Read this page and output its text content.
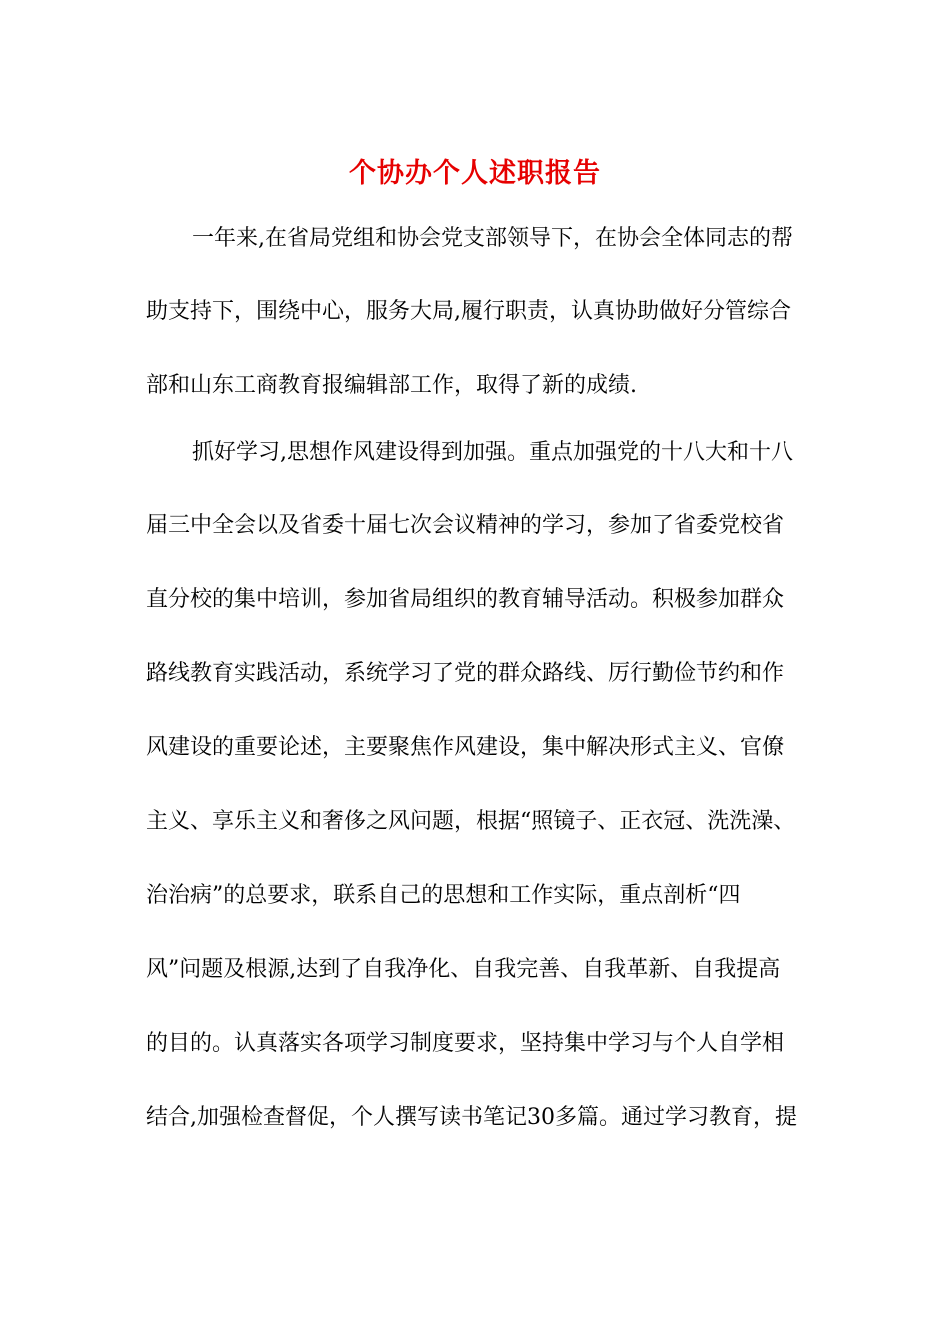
个协办个人述职报告
一年来,在省局党组和协会党支部领导下，在协会全体同志的帮
助支持下，围绕中心，服务大局,履行职责，认真协助做好分管综合
部和山东工商教育报编辑部工作，取得了新的成绩.
抓好学习,思想作风建设得到加强。重点加强党的十八大和十八
届三中全会以及省委十届七次会议精神的学习，参加了省委党校省
直分校的集中培训，参加省局组织的教育辅导活动。积极参加群众
路线教育实践活动，系统学习了党的群众路线、厉行勤俭节约和作
风建设的重要论述，主要聚焦作风建设，集中解决形式主义、官僚
主义、享乐主义和奢侈之风问题，根据“照镜子、正衣冠、洗洗澡、
治治病”的总要求，联系自己的思想和工作实际，重点剖析“四
风”问题及根源,达到了自我净化、自我完善、自我革新、自我提高
的目的。认真落实各项学习制度要求，坚持集中学习与个人自学相
结合,加强检查督促，个人撰写读书笔记30多篇。通过学习教育，提
